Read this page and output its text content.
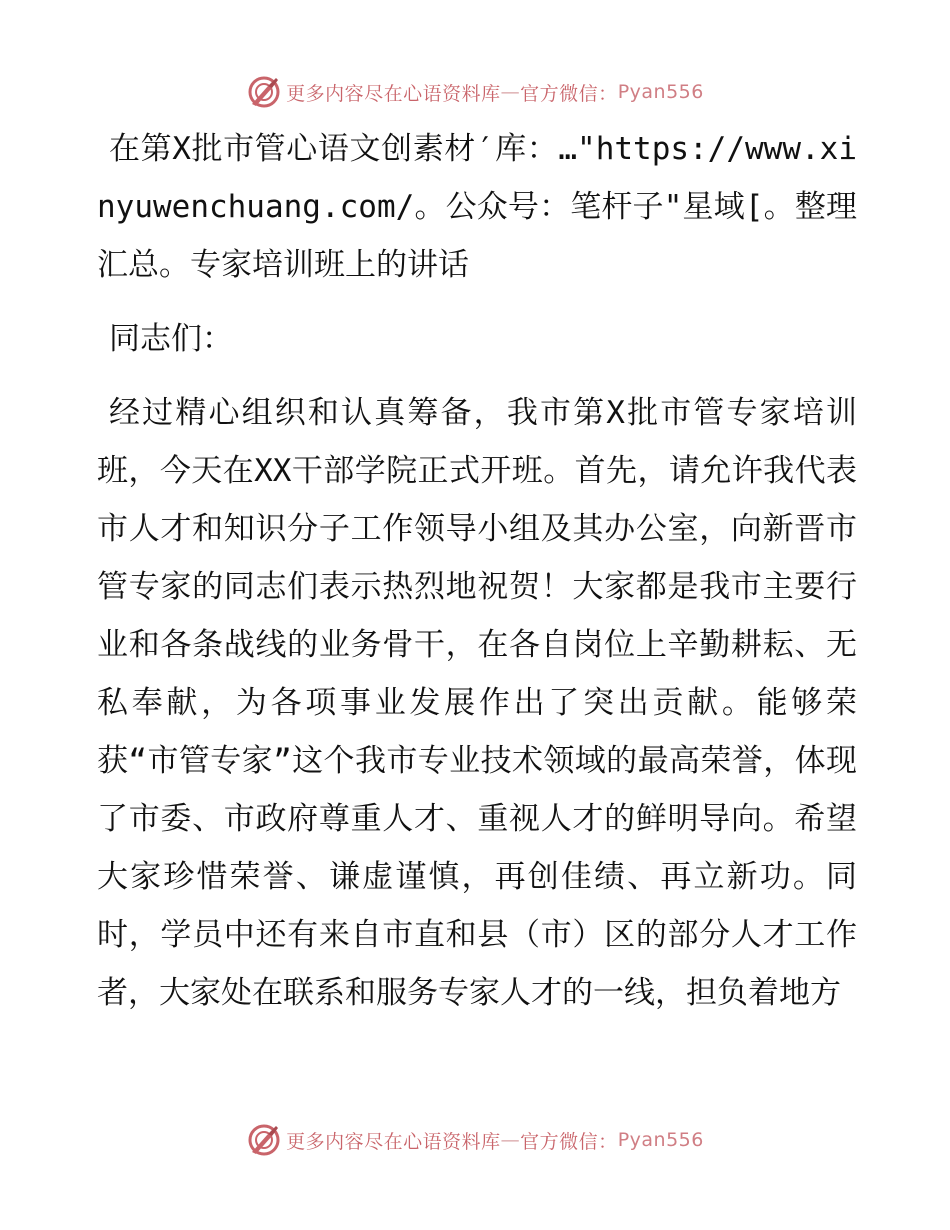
更多内容尽在心语资料库 — 官方微信： Pyan556

在第X批市管心语文创素材′库：…"https://www.xinyuwenchuang.com/。公众号：笔杆子"星域[。整理汇总。专家培训班上的讲话

同志们：

经过精心组织和认真筹备，我市第X批市管专家培训班，今天在XX干部学院正式开班。首先，请允许我代表市人才和知识分子工作领导小组及其办公室，向新晋市管专家的同志们表示热烈地祝贺！大家都是我市主要行业和各条战线的业务骨干，在各自岗位上辛勤耕耘、无私奉献，为各项事业发展作出了突出贡献。能够荣获“市管专家”这个我市专业技术领域的最高荣誉，体现了市委、市政府尊重人才、重视人才的鲜明导向。希望大家珍惜荣誉、谦虚谨慎，再创佳绩、再立新功。同时，学员中还有来自市直和县（市）区的部分人才工作者，大家处在联系和服务专家人才的一线，担负着地方

更多内容尽在心语资料库 — 官方微信： Pyan556
